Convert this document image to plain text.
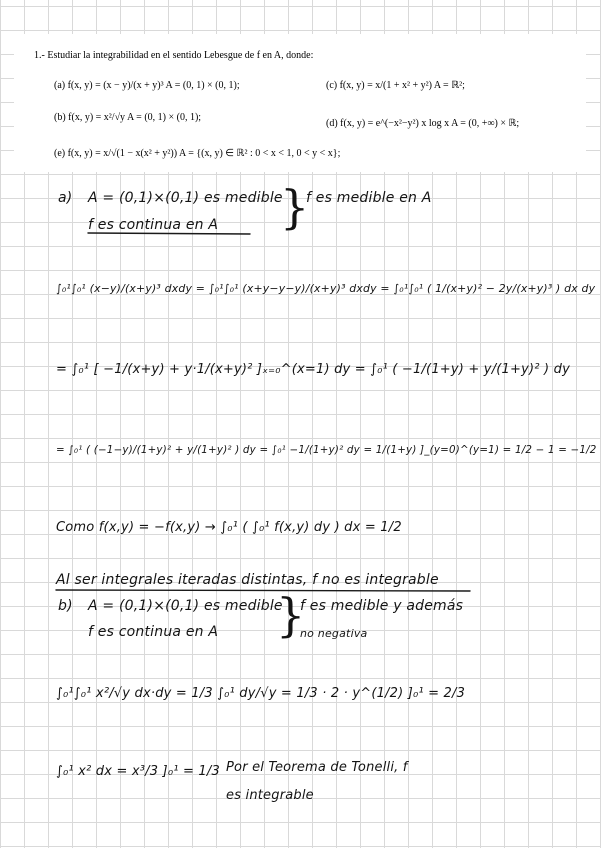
1.- Estudiar la integrabilidad en el sentido Lebesgue de f en A, donde:
(a) f(x, y) = (x − y)/(x + y)³ A = (0, 1) × (0, 1);	(c) f(x, y) = x/(1 + x² + y²) A = ℝ²;
(b) f(x, y) = x²/√y A = (0, 1) × (0, 1);
(d) f(x, y) = e^(−x²−y²) x log x A = (0, +∞) × ℝ;
(e) f(x, y) = x/√(1 − x(x² + y²)) A = {(x, y) ∈ ℝ² : 0 < x < 1, 0 < y < x};
a) A = (0,1)×(0,1) es medible
f es continua en A }
f es medible en A
∫₀¹∫₀¹ (x−y)/(x+y)³ dxdy = ∫₀¹∫₀¹ (x+y−y−y)/(x+y)³ dxdy = ∫₀¹∫₀¹ ( 1/(x+y)² − 2y/(x+y)³ ) dx dy
= ∫₀¹ [ −1/(x+y) + y·1/(x+y)² ]ₓ₌₀^(x=1) dy = ∫₀¹ ( −1/(1+y) + y/(1+y)² ) dy
= ∫₀¹ ( (−1−y)/(1+y)² + y/(1+y)² ) dy = ∫₀¹ −1/(1+y)² dy = 1/(1+y) ]_(y=0)^(y=1) = 1/2 − 1 = −1/2
Como f(x,y) = −f(x,y) → ∫₀¹ ( ∫₀¹ f(x,y) dy ) dx = 1/2
Al ser integrales iteradas distintas, f no es integrable
b) A = (0,1)×(0,1) es medible
f es continua en A }
f es medible y además
no negativa
∫₀¹∫₀¹ x²/√y dx·dy = 1/3 ∫₀¹ dy/√y = 1/3 · 2 · y^(1/2) ]₀¹ = 2/3
∫₀¹ x² dx = x³/3 ]₀¹ = 1/3 Por el Teorema de Tonelli, f
es integrable
